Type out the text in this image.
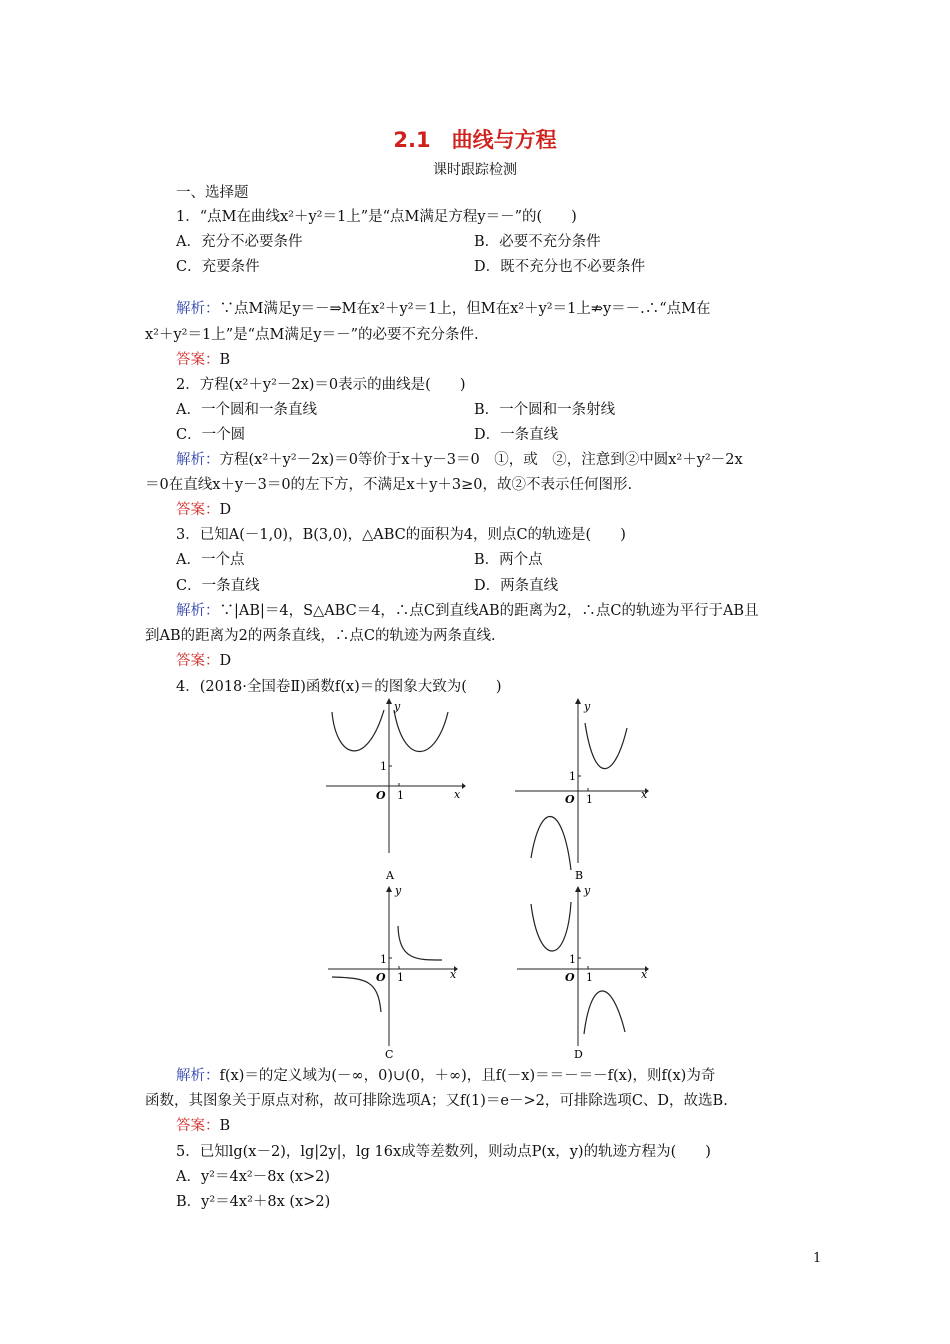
2.1　曲线与方程
课时跟踪检测
一、选择题
1．“点M在曲线x²＋y²＝1上”是“点M满足方程y＝－”的(　　)
A．充分不必要条件	B．必要不充分条件
C．充要条件	D．既不充分也不必要条件
解析：∵点M满足y＝－⇒M在x²＋y²＝1上，但M在x²＋y²＝1上⇏y＝－.∴“点M在
x²＋y²＝1上”是“点M满足y＝－”的必要不充分条件.
答案：B
2．方程(x²＋y²－2x)＝0表示的曲线是(　　)
A．一个圆和一条直线	B．一个圆和一条射线
C．一个圆	D．一条直线
解析：方程(x²＋y²－2x)＝0等价于x＋y－3＝0　①，或　②，注意到②中圆x²＋y²－2x
＝0在直线x＋y－3＝0的左下方，不满足x＋y＋3≥0，故②不表示任何图形.
答案：D
3．已知A(－1,0)，B(3,0)，△ABC的面积为4，则点C的轨迹是(　　)
A．一个点	B．两个点
C．一条直线	D．两条直线
解析：∵|AB|＝4，S△ABC＝4，∴点C到直线AB的距离为2，∴点C的轨迹为平行于AB且
到AB的距离为2的两条直线，∴点C的轨迹为两条直线.
答案：D
4．(2018·全国卷Ⅱ)函数f(x)＝的图象大致为(　　)
y
x
O 1
1
A
y
x
O 1
1
B
y
x
O 1
1
C
y
x
O 1
1
D
解析：f(x)＝的定义域为(－∞，0)∪(0，＋∞)，且f(－x)＝＝－＝－f(x)，则f(x)为奇
函数，其图象关于原点对称，故可排除选项A；又f(1)＝e－>2，可排除选项C、D，故选B.
答案：B
5．已知lg(x－2)，lg|2y|，lg 16x成等差数列，则动点P(x，y)的轨迹方程为(　　)
A．y²＝4x²－8x (x>2)
B．y²＝4x²＋8x (x>2)
1
